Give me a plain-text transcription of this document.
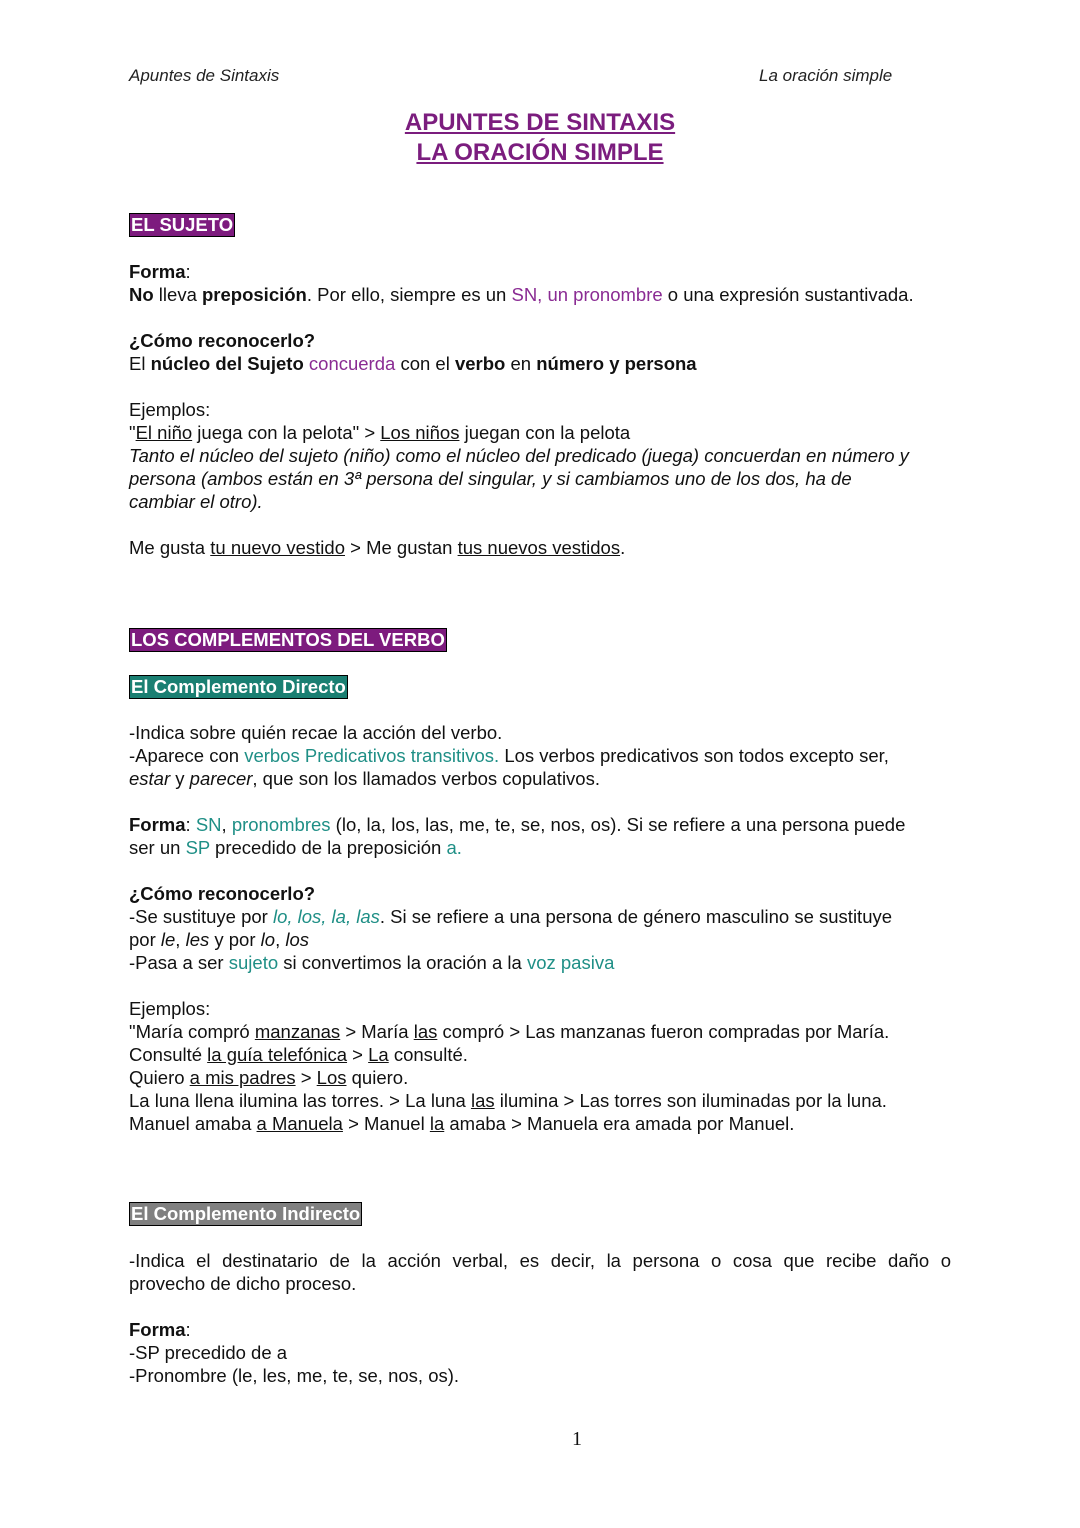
Apuntes de Sintaxis	La oración simple
APUNTES DE SINTAXIS
LA ORACIÓN SIMPLE
EL SUJETO
Forma:
No lleva preposición. Por ello, siempre es un SN, un pronombre o una expresión sustantivada.
¿Cómo reconocerlo?
El núcleo del Sujeto concuerda con el verbo en número y persona
Ejemplos:
"El niño juega con la pelota" > Los niños juegan con la pelota
Tanto el núcleo del sujeto (niño) como el núcleo del predicado (juega) concuerdan en número y
persona (ambos están en 3ª persona del singular, y si cambiamos uno de los dos, ha de
cambiar el otro).
Me gusta tu nuevo vestido > Me gustan tus nuevos vestidos.
LOS COMPLEMENTOS DEL VERBO
El Complemento Directo
-Indica sobre quién recae la acción del verbo.
-Aparece con verbos Predicativos transitivos. Los verbos predicativos son todos excepto ser,
estar y parecer, que son los llamados verbos copulativos.
Forma: SN, pronombres (lo, la, los, las, me, te, se, nos, os). Si se refiere a una persona puede
ser un SP precedido de la preposición a.
¿Cómo reconocerlo?
-Se sustituye por lo, los, la, las. Si se refiere a una persona de género masculino se sustituye
por le, les y por lo, los
-Pasa a ser sujeto si convertimos la oración a la voz pasiva
Ejemplos:
"María compró manzanas > María las compró > Las manzanas fueron compradas por María.
Consulté la guía telefónica > La consulté.
Quiero a mis padres > Los quiero.
La luna llena ilumina las torres. > La luna las ilumina > Las torres son iluminadas por la luna.
Manuel amaba a Manuela > Manuel la amaba > Manuela era amada por Manuel.
El Complemento Indirecto
-Indica el destinatario de la acción verbal, es decir, la persona o cosa que recibe daño o
provecho de dicho proceso.
Forma:
-SP precedido de a
-Pronombre (le, les, me, te, se, nos, os).
1
